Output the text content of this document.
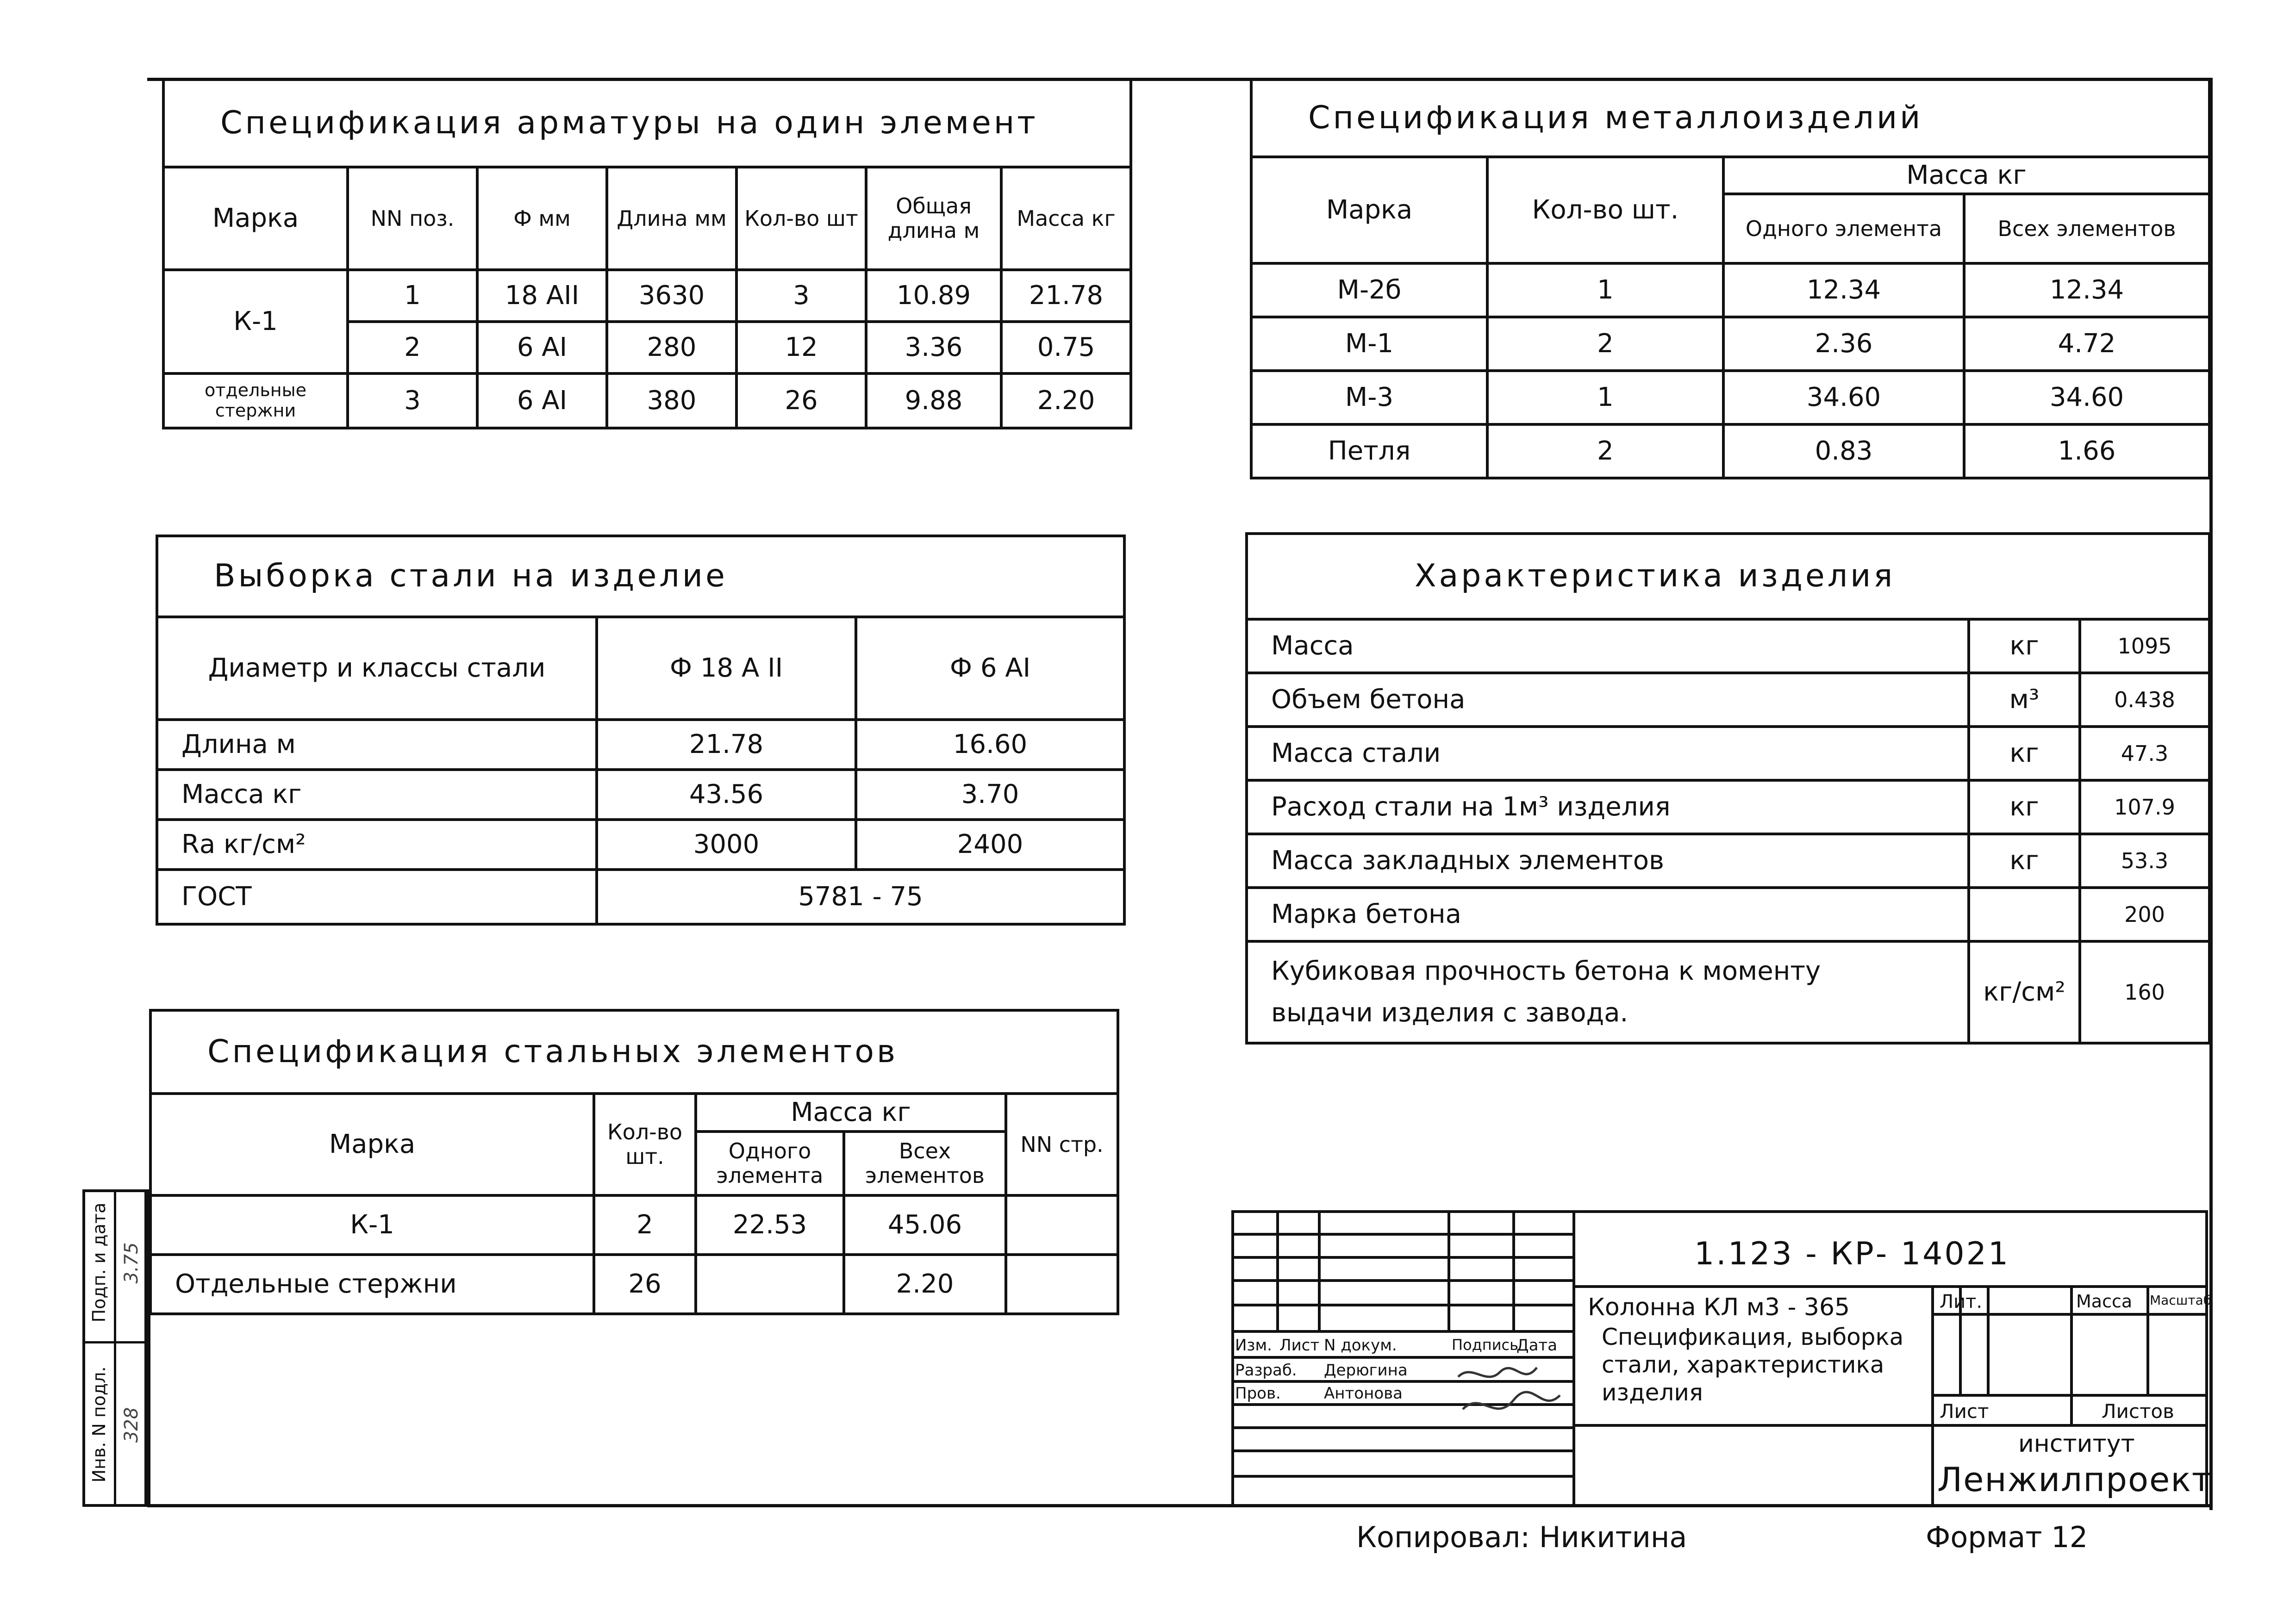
Спецификация арматуры на один элемент						
Марка	NN поз.	Ф мм	Длина мм	Кол-во шт	Общая длина м	Масса кг
К-1	1	18 АII	3630	3	10.89	21.78
	2	6 АI	280	12	3.36	0.75
отдельные стержни	3	6 АI	380	26	9.88	2.20
Спецификация металлоизделий			
Марка	Кол-во шт.	Масса кг	
		Одного элемента	Всех элементов
М-2б	1	12.34	12.34
М-1	2	2.36	4.72
М-3	1	34.60	34.60
Петля	2	0.83	1.66
Выборка стали на изделие		
Диаметр и классы стали	Ф 18 А II	Ф 6 АI
Длина м	21.78	16.60
Масса кг	43.56	3.70
Rа кг/см²	3000	2400
ГОСТ	5781 - 75	
Характеристика изделия		
Масса	кг	1095
Объем бетона	м³	0.438
Масса стали	кг	47.3
Расход стали на 1м³ изделия	кг	107.9
Масса закладных элементов	кг	53.3
Марка бетона		200
Кубиковая прочность бетона к моменту выдачи изделия с завода.	кг/см²	160
Спецификация стальных элементов				
Марка	Кол-во шт.	Масса кг		NN стр.
		Одного элемента	Всех элементов	
К-1	2	22.53	45.06	
Отдельные стержни	26		2.20	
Подп. и дата
Инв. N подл.
3.75
328
Изм. Лист N докум.	Подпись
Дата
Разраб. Дерюгина
Пров.	Антонова
1.123 - КР- 14021
Колонна КЛ м3 - 365
Спецификация, выборка
стали, характеристика
изделия
Лит.	Масса Масштаб
Лист	Листов
институт
Ленжилпроект
Копировал: Никитина	Формат 12
